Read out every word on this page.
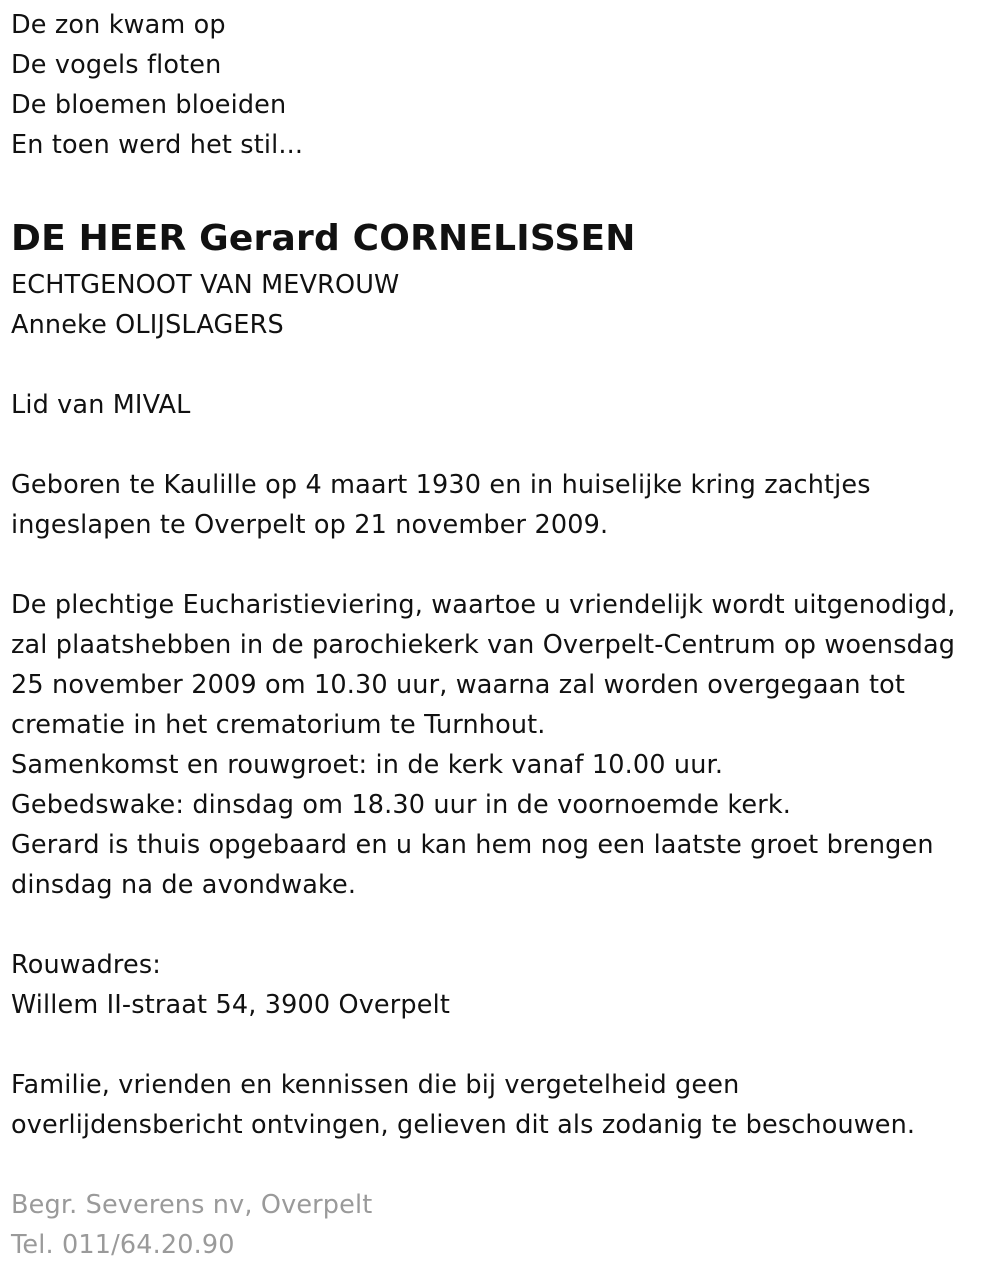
De zon kwam op
De vogels floten
De bloemen bloeiden
En toen werd het stil...
DE HEER Gerard CORNELISSEN
ECHTGENOOT VAN MEVROUW
Anneke OLIJSLAGERS
Lid van MIVAL
Geboren te Kaulille op 4 maart 1930 en in huiselijke kring zachtjes
ingeslapen te Overpelt op 21 november 2009.
De plechtige Eucharistieviering, waartoe u vriendelijk wordt uitgenodigd,
zal plaatshebben in de parochiekerk van Overpelt-Centrum op woensdag
25 november 2009 om 10.30 uur, waarna zal worden overgegaan tot
crematie in het crematorium te Turnhout.
Samenkomst en rouwgroet: in de kerk vanaf 10.00 uur.
Gebedswake: dinsdag om 18.30 uur in de voornoemde kerk.
Gerard is thuis opgebaard en u kan hem nog een laatste groet brengen
dinsdag na de avondwake.
Rouwadres:
Willem II-straat 54, 3900 Overpelt
Familie, vrienden en kennissen die bij vergetelheid geen
overlijdensbericht ontvingen, gelieven dit als zodanig te beschouwen.
Begr. Severens nv, Overpelt
Tel. 011/64.20.90
